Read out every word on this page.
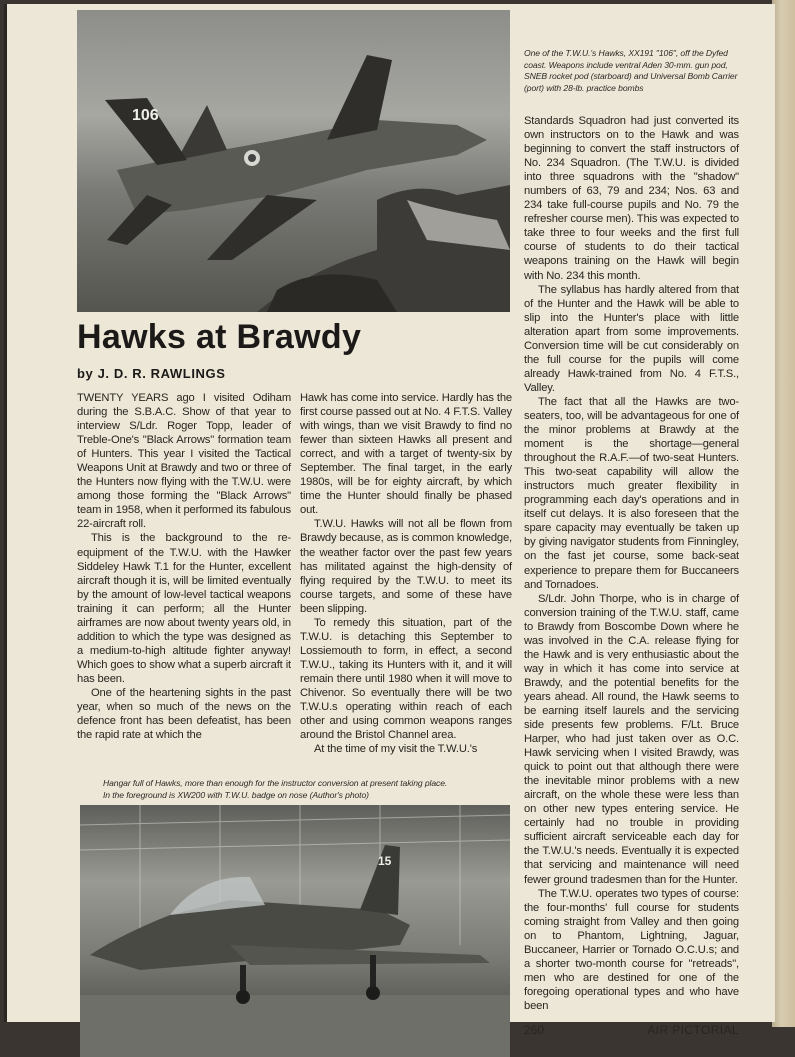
106
Hawks at Brawdy
by J. D. R. RAWLINGS

TWENTY YEARS ago I visited Odiham during the S.B.A.C. Show of that year to interview S/Ldr. Roger Topp, leader of Treble-One's "Black Arrows" formation team of Hunters. This year I visited the Tactical Weapons Unit at Brawdy and two or three of the Hunters now flying with the T.W.U. were among those forming the "Black Arrows" team in 1958, when it performed its fabulous 22-aircraft roll.

This is the background to the re-equipment of the T.W.U. with the Hawker Siddeley Hawk T.1 for the Hunter, excellent aircraft though it is, will be limited eventually by the amount of low-level tactical weapons training it can perform; all the Hunter airframes are now about twenty years old, in addition to which the type was designed as a medium-to-high altitude fighter anyway! Which goes to show what a superb aircraft it has been.

One of the heartening sights in the past year, when so much of the news on the defence front has been defeatist, has been the rapid rate at which the

Hawk has come into service. Hardly has the first course passed out at No. 4 F.T.S. Valley with wings, than we visit Brawdy to find no fewer than sixteen Hawks all present and correct, and with a target of twenty-six by September. The final target, in the early 1980s, will be for eighty aircraft, by which time the Hunter should finally be phased out.

T.W.U. Hawks will not all be flown from Brawdy because, as is common knowledge, the weather factor over the past few years has militated against the high-density of flying required by the T.W.U. to meet its course targets, and some of these have been slipping.

To remedy this situation, part of the T.W.U. is detaching this September to Lossiemouth to form, in effect, a second T.W.U., taking its Hunters with it, and it will remain there until 1980 when it will move to Chivenor. So eventually there will be two T.W.U.s operating within reach of each other and using common weapons ranges around the Bristol Channel area.

At the time of my visit the T.W.U.'s

Hangar full of Hawks, more than enough for the instructor conversion at present taking place.
In the foreground is XW200 with T.W.U. badge on nose (Author's photo)
15
One of the T.W.U.'s Hawks, XX191 "106", off the Dyfed coast. Weapons include ventral Aden 30-mm. gun pod, SNEB rocket pod (starboard) and Universal Bomb Carrier (port) with 28-lb. practice bombs

Standards Squadron had just converted its own instructors on to the Hawk and was beginning to convert the staff instructors of No. 234 Squadron. (The T.W.U. is divided into three squadrons with the "shadow" numbers of 63, 79 and 234; Nos. 63 and 234 take full-course pupils and No. 79 the refresher course men). This was expected to take three to four weeks and the first full course of students to do their tactical weapons training on the Hawk will begin with No. 234 this month.

The syllabus has hardly altered from that of the Hunter and the Hawk will be able to slip into the Hunter's place with little alteration apart from some improvements. Conversion time will be cut considerably on the full course for the pupils will come already Hawk-trained from No. 4 F.T.S., Valley.

The fact that all the Hawks are two-seaters, too, will be advantageous for one of the minor problems at Brawdy at the moment is the shortage—general throughout the R.A.F.—of two-seat Hunters. This two-seat capability will allow the instructors much greater flexibility in programming each day's operations and in itself cut delays. It is also foreseen that the spare capacity may eventually be taken up by giving navigator students from Finningley, on the fast jet course, some back-seat experience to prepare them for Buccaneers and Tornadoes.

S/Ldr. John Thorpe, who is in charge of conversion training of the T.W.U. staff, came to Brawdy from Boscombe Down where he was involved in the C.A. release flying for the Hawk and is very enthusiastic about the way in which it has come into service at Brawdy, and the potential benefits for the years ahead. All round, the Hawk seems to be earning itself laurels and the servicing side presents few problems. F/Lt. Bruce Harper, who had just taken over as O.C. Hawk servicing when I visited Brawdy, was quick to point out that although there were the inevitable minor problems with a new aircraft, on the whole these were less than on other new types entering service. He certainly had no trouble in providing sufficient aircraft serviceable each day for the T.W.U.'s needs. Eventually it is expected that servicing and maintenance will need fewer ground tradesmen than for the Hunter.

The T.W.U. operates two types of course: the four-months' full course for students coming straight from Valley and then going on to Phantom, Lightning, Jaguar, Buccaneer, Harrier or Tornado O.C.U.s; and a shorter two-month course for "retreads", men who are destined for one of the foregoing operational types and who have been

260	AIR PICTORIAL
